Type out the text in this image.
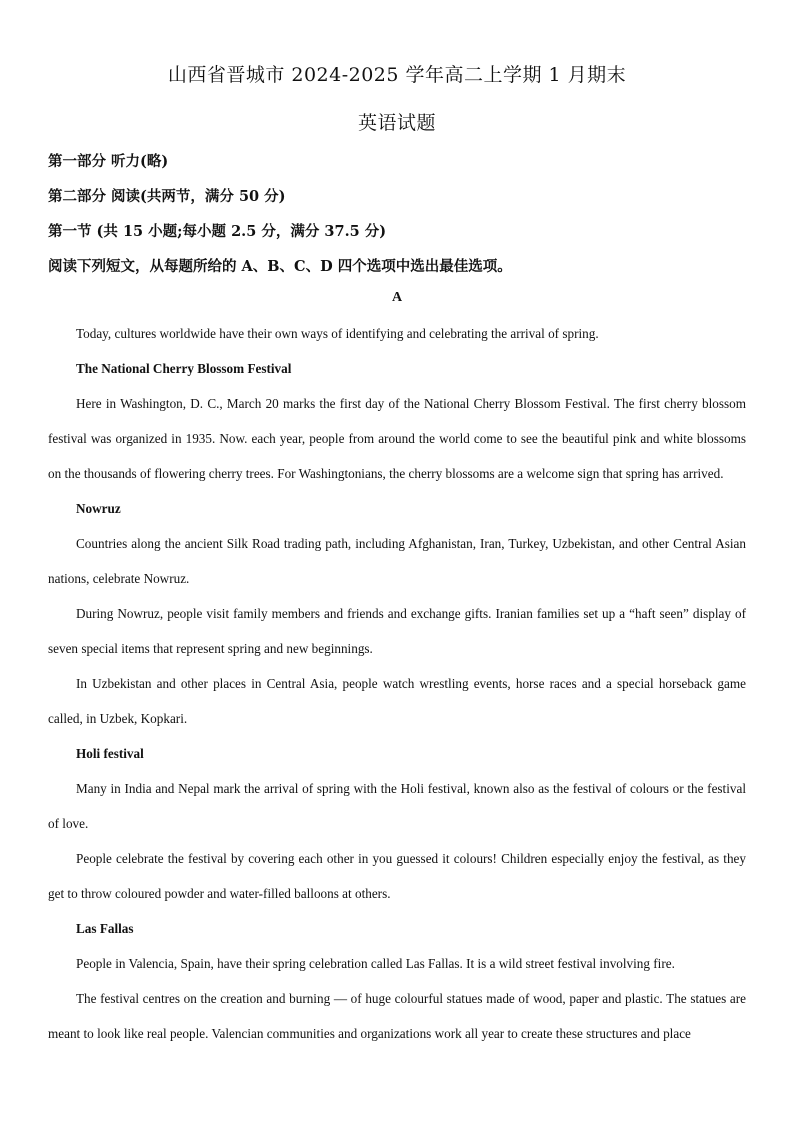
山西省晋城市 2024-2025 学年高二上学期 1 月期末
英语试题
第一部分 听力(略)
第二部分 阅读(共两节，满分 50 分)
第一节 (共 15 小题;每小题 2.5 分，满分 37.5 分)
阅读下列短文，从每题所给的 A、B、C、D 四个选项中选出最佳选项。
A

Today, cultures worldwide have their own ways of identifying and celebrating the arrival of spring.

The National Cherry Blossom Festival

Here in Washington, D. C., March 20 marks the first day of the National Cherry Blossom Festival. The first cherry blossom festival was organized in 1935. Now. each year, people from around the world come to see the beautiful pink and white blossoms on the thousands of flowering cherry trees. For Washingtonians, the cherry blossoms are a welcome sign that spring has arrived.

Nowruz

Countries along the ancient Silk Road trading path, including Afghanistan, Iran, Turkey, Uzbekistan, and other Central Asian nations, celebrate Nowruz.

During Nowruz, people visit family members and friends and exchange gifts. Iranian families set up a “haft seen” display of seven special items that represent spring and new beginnings.

In Uzbekistan and other places in Central Asia, people watch wrestling events, horse races and a special horseback game called, in Uzbek, Kopkari.

Holi festival

Many in India and Nepal mark the arrival of spring with the Holi festival, known also as the festival of colours or the festival of love.

People celebrate the festival by covering each other in you guessed it colours! Children especially enjoy the festival, as they get to throw coloured powder and water-filled balloons at others.

Las Fallas

People in Valencia, Spain, have their spring celebration called Las Fallas. It is a wild street festival involving fire.

The festival centres on the creation and burning — of huge colourful statues made of wood, paper and plastic. The statues are meant to look like real people. Valencian communities and organizations work all year to create these structures and place
